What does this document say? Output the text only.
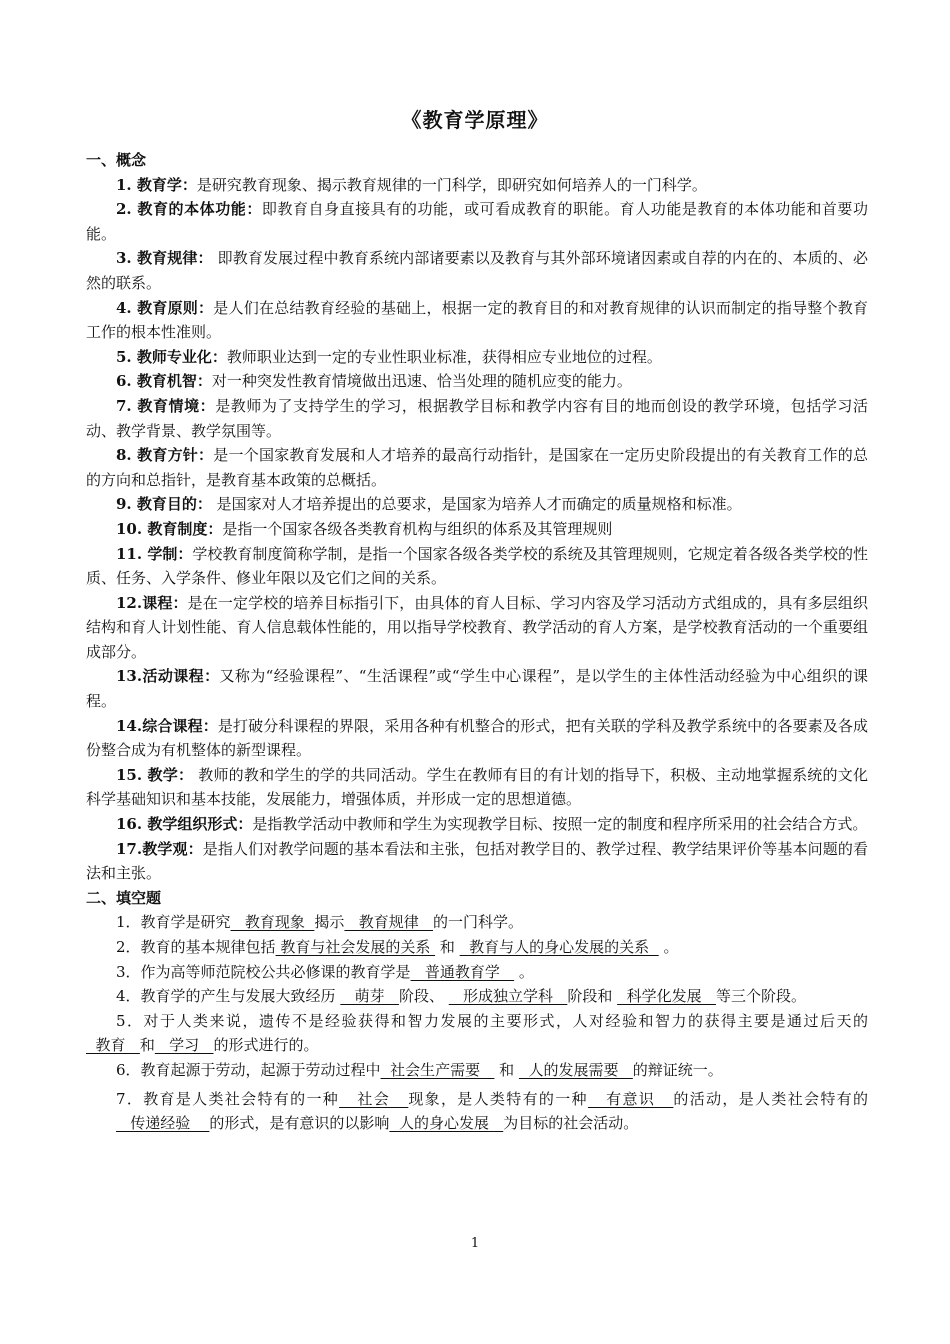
《教育学原理》
一、概念

1. 教育学：是研究教育现象、揭示教育规律的一门科学，即研究如何培养人的一门科学。

2. 教育的本体功能：即教育自身直接具有的功能，或可看成教育的职能。育人功能是教育的本体功能和首要功能。

3. 教育规律： 即教育发展过程中教育系统内部诸要素以及教育与其外部环境诸因素或自荐的内在的、本质的、必然的联系。

4. 教育原则：是人们在总结教育经验的基础上，根据一定的教育目的和对教育规律的认识而制定的指导整个教育工作的根本性准则。

5. 教师专业化：教师职业达到一定的专业性职业标准，获得相应专业地位的过程。

6. 教育机智：对一种突发性教育情境做出迅速、恰当处理的随机应变的能力。

7. 教育情境：是教师为了支持学生的学习，根据教学目标和教学内容有目的地而创设的教学环境，包括学习活动、教学背景、教学氛围等。

8. 教育方针：是一个国家教育发展和人才培养的最高行动指针，是国家在一定历史阶段提出的有关教育工作的总的方向和总指针，是教育基本政策的总概括。

9. 教育目的： 是国家对人才培养提出的总要求，是国家为培养人才而确定的质量规格和标准。

10. 教育制度：是指一个国家各级各类教育机构与组织的体系及其管理规则

11. 学制：学校教育制度简称学制，是指一个国家各级各类学校的系统及其管理规则，它规定着各级各类学校的性质、任务、入学条件、修业年限以及它们之间的关系。

12.课程：是在一定学校的培养目标指引下，由具体的育人目标、学习内容及学习活动方式组成的，具有多层组织结构和育人计划性能、育人信息载体性能的，用以指导学校教育、教学活动的育人方案，是学校教育活动的一个重要组成部分。

13.活动课程：又称为“经验课程”、“生活课程”或“学生中心课程”，是以学生的主体性活动经验为中心组织的课程。

14.综合课程：是打破分科课程的界限，采用各种有机整合的形式，把有关联的学科及教学系统中的各要素及各成份整合成为有机整体的新型课程。

15. 教学： 教师的教和学生的学的共同活动。学生在教师有目的有计划的指导下，积极、主动地掌握系统的文化科学基础知识和基本技能，发展能力，增强体质，并形成一定的思想道德。

16. 教学组织形式：是指教学活动中教师和学生为实现教学目标、按照一定的制度和程序所采用的社会结合方式。

17.教学观：是指人们对教学问题的基本看法和主张，包括对教学目的、教学过程、教学结果评价等基本问题的看法和主张。

二、填空题

1．教育学是研究   教育现象  揭示   教育规律   的一门科学。

2．教育的基本规律包括 教育与社会发展的关系  和   教育与人的身心发展的关系   。

3．作为高等师范院校公共必修课的教育学是   普通教育学    。

4．教育学的产生与发展大致经历    萌芽   阶段、    形成独立学科   阶段和   科学化发展   等三个阶段。

5．对于人类来说，遗传不是经验获得和智力发展的主要形式，人对经验和智力的获得主要是通过后天的   教育   和   学习   的形式进行的。

6．教育起源于劳动，起源于劳动过程中  社会生产需要    和   人的发展需要   的辩证统一。

7．教育是人类社会特有的一种   社会   现象，是人类特有的一种   有意识   的活动，是人类社会特有的    传递经验    的形式，是有意识的以影响  人的身心发展   为目标的社会活动。

1
